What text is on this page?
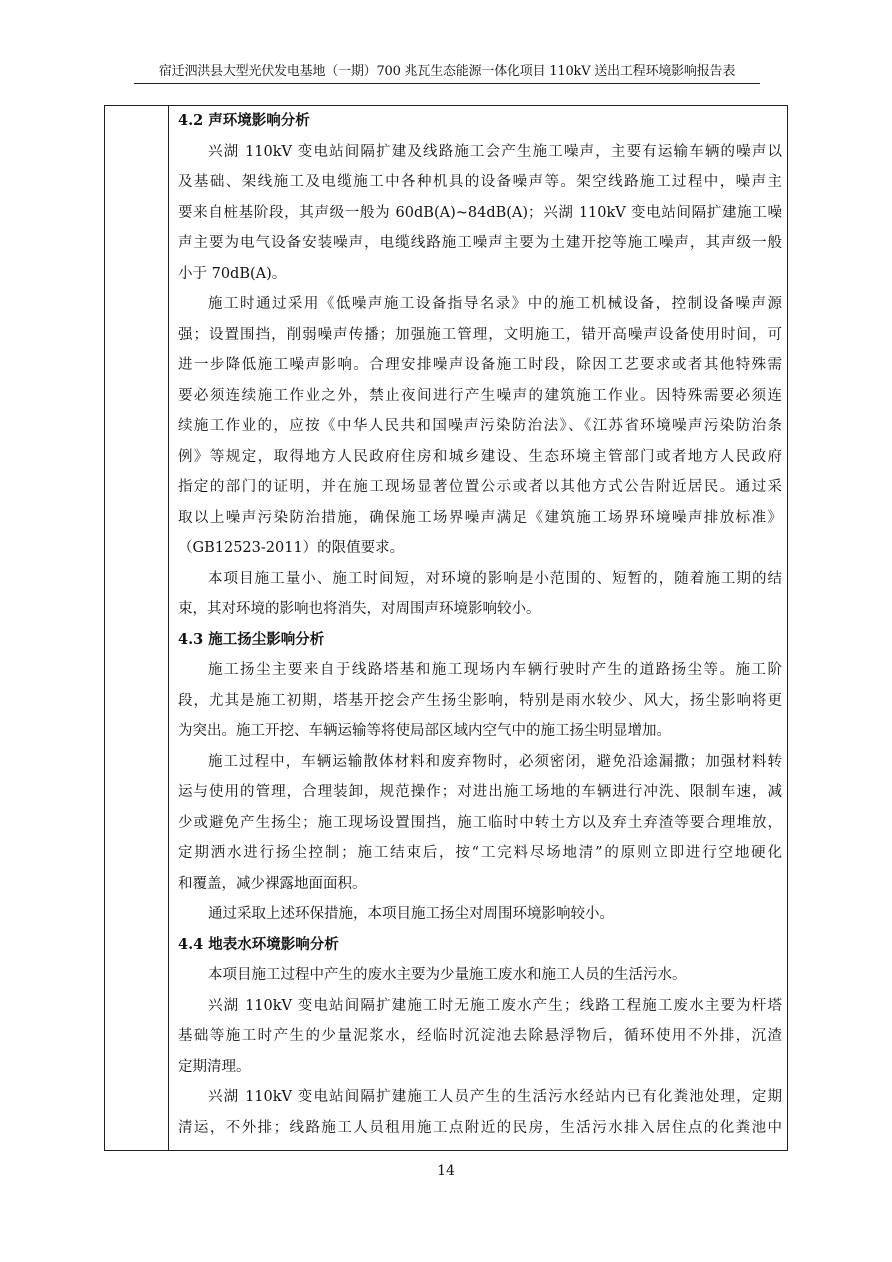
宿迁泗洪县大型光伏发电基地（一期）700 兆瓦生态能源一体化项目 110kV 送出工程环境影响报告表
4.2 声环境影响分析
兴湖 110kV 变电站间隔扩建及线路施工会产生施工噪声，主要有运输车辆的噪声以
及基础、架线施工及电缆施工中各种机具的设备噪声等。架空线路施工过程中，噪声主
要来自桩基阶段，其声级一般为 60dB(A)~84dB(A)；兴湖 110kV 变电站间隔扩建施工噪
声主要为电气设备安装噪声，电缆线路施工噪声主要为土建开挖等施工噪声，其声级一般
小于 70dB(A)。
施工时通过采用《低噪声施工设备指导名录》中的施工机械设备，控制设备噪声源
强；设置围挡，削弱噪声传播；加强施工管理，文明施工，错开高噪声设备使用时间，可
进一步降低施工噪声影响。合理安排噪声设备施工时段，除因工艺要求或者其他特殊需
要必须连续施工作业之外，禁止夜间进行产生噪声的建筑施工作业。因特殊需要必须连
续施工作业的，应按《中华人民共和国噪声污染防治法》、《江苏省环境噪声污染防治条
例》等规定，取得地方人民政府住房和城乡建设、生态环境主管部门或者地方人民政府
指定的部门的证明，并在施工现场显著位置公示或者以其他方式公告附近居民。通过采
取以上噪声污染防治措施，确保施工场界噪声满足《建筑施工场界环境噪声排放标准》
（GB12523-2011）的限值要求。
本项目施工量小、施工时间短，对环境的影响是小范围的、短暂的，随着施工期的结
束，其对环境的影响也将消失，对周围声环境影响较小。
4.3 施工扬尘影响分析
施工扬尘主要来自于线路塔基和施工现场内车辆行驶时产生的道路扬尘等。施工阶
段，尤其是施工初期，塔基开挖会产生扬尘影响，特别是雨水较少、风大，扬尘影响将更
为突出。施工开挖、车辆运输等将使局部区域内空气中的施工扬尘明显增加。
施工过程中，车辆运输散体材料和废弃物时，必须密闭，避免沿途漏撒；加强材料转
运与使用的管理，合理装卸，规范操作；对进出施工场地的车辆进行冲洗、限制车速，减
少或避免产生扬尘；施工现场设置围挡，施工临时中转土方以及弃土弃渣等要合理堆放，
定期洒水进行扬尘控制；施工结束后，按“工完料尽场地清”的原则立即进行空地硬化
和覆盖，减少裸露地面面积。
通过采取上述环保措施，本项目施工扬尘对周围环境影响较小。
4.4 地表水环境影响分析
本项目施工过程中产生的废水主要为少量施工废水和施工人员的生活污水。
兴湖 110kV 变电站间隔扩建施工时无施工废水产生；线路工程施工废水主要为杆塔
基础等施工时产生的少量泥浆水，经临时沉淀池去除悬浮物后，循环使用不外排，沉渣
定期清理。
兴湖 110kV 变电站间隔扩建施工人员产生的生活污水经站内已有化粪池处理，定期
清运，不外排；线路施工人员租用施工点附近的民房，生活污水排入居住点的化粪池中
14
